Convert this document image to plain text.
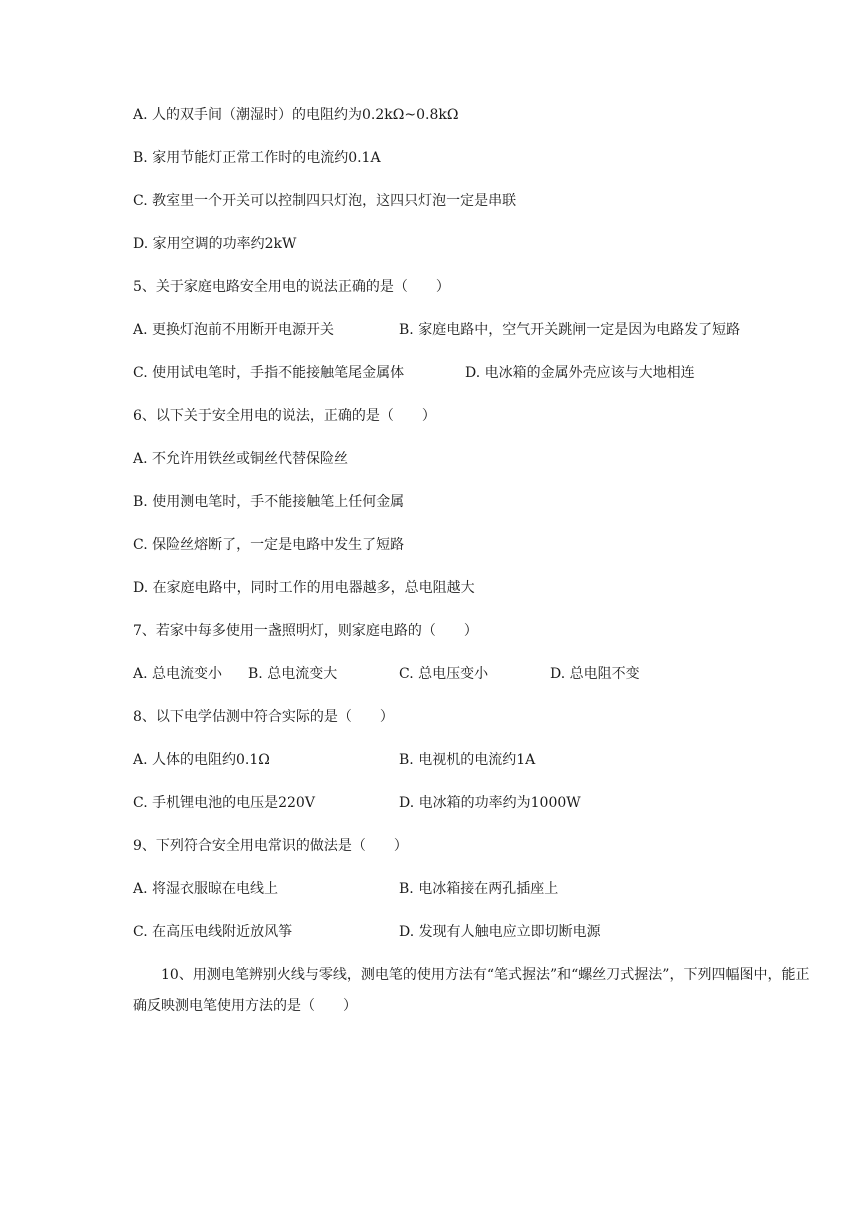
A. 人的双手间（潮湿时）的电阻约为0.2kΩ~0.8kΩ
B. 家用节能灯正常工作时的电流约0.1A
C. 教室里一个开关可以控制四只灯泡，这四只灯泡一定是串联
D. 家用空调的功率约2kW
5、关于家庭电路安全用电的说法正确的是（　　）
A. 更换灯泡前不用断开电源开关	B. 家庭电路中，空气开关跳闸一定是因为电路发了短路
C. 使用试电笔时，手指不能接触笔尾金属体	D. 电冰箱的金属外壳应该与大地相连
6、以下关于安全用电的说法，正确的是（　　）
A. 不允许用铁丝或铜丝代替保险丝
B. 使用测电笔时，手不能接触笔上任何金属
C. 保险丝熔断了，一定是电路中发生了短路
D. 在家庭电路中，同时工作的用电器越多，总电阻越大
7、若家中每多使用一盏照明灯，则家庭电路的（　　）
A. 总电流变小 B. 总电流变大	C. 总电压变小	D. 总电阻不变
8、以下电学估测中符合实际的是（　　）
A. 人体的电阻约0.1Ω	B. 电视机的电流约1A
C. 手机锂电池的电压是220V	D. 电冰箱的功率约为1000W
9、下列符合安全用电常识的做法是（　　）
A. 将湿衣服晾在电线上	B. 电冰箱接在两孔插座上
C. 在高压电线附近放风筝	D. 发现有人触电应立即切断电源
10、用测电笔辨别火线与零线，测电笔的使用方法有“笔式握法”和“螺丝刀式握法”，下列四幅图中，能正确反映测电笔使用方法的是（　　）
